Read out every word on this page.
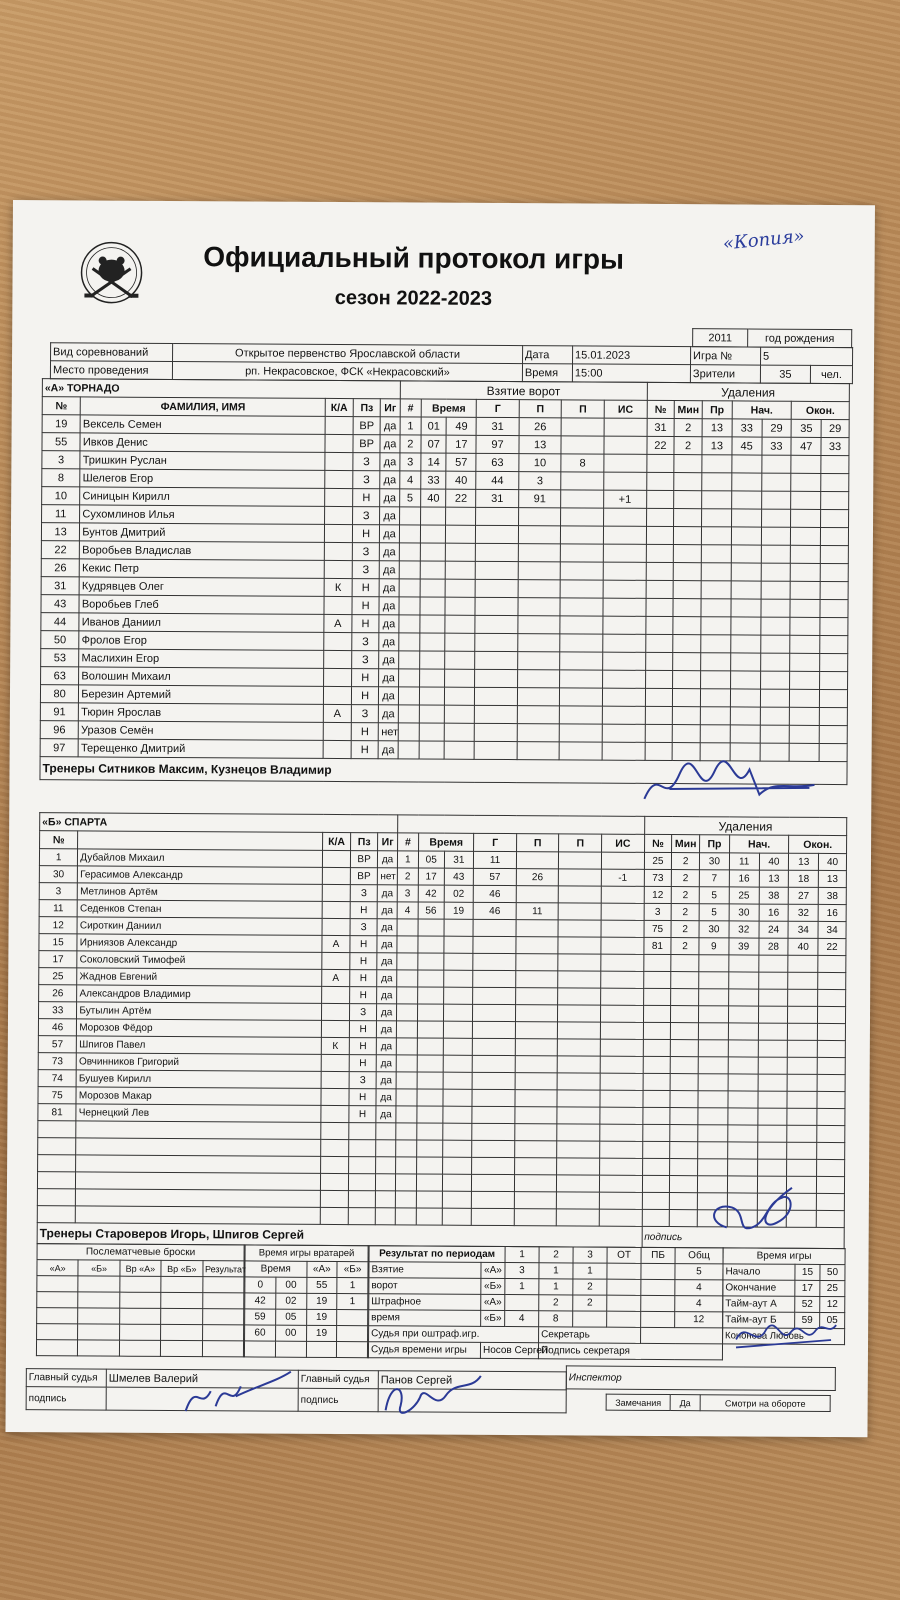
Официальный протокол игры
сезон 2022-2023
«Копия»
2011	год рождения
Вид соревнований	Открытое первенство Ярославской области	Дата	15.01.2023	Игра №	5	
Место проведения	рп. Некрасовское, ФСК «Некрасовский»	Время	15:00	Зрители	35	чел.
«А» ТОРНАДО					Взятие ворот							Удаления						
№	ФАМИЛИЯ, ИМЯ	К/А	Пз	Иг	#	Время		Г	П	П	ИС	№	Мин	Пр	Нач.		Окон.	
19	Вексель Семен		ВР	да	1	01	49	31	26			31	2	13	33	29	35	29
55	Ивков Денис		ВР	да	2	07	17	97	13			22	2	13	45	33	47	33
3	Тришкин Руслан		З	да	3	14	57	63	10	8								
8	Шелегов Егор		З	да	4	33	40	44	3									
10	Синицын Кирилл		Н	да	5	40	22	31	91		+1							
11	Сухомлинов Илья		З	да														
13	Бунтов Дмитрий		Н	да														
22	Воробьев Владислав		З	да														
26	Кекис Петр		З	да														
31	Кудрявцев Олег	К	Н	да														
43	Воробьев Глеб		Н	да														
44	Иванов Даниил	А	Н	да														
50	Фролов Егор		З	да														
53	Маслихин Егор		З	да														
63	Волошин Михаил		Н	да														
80	Березин Артемий		Н	да														
91	Тюрин Ярослав	А	З	да														
96	Уразов Семён		Н	нет														
97	Терещенко Дмитрий		Н	да														
Тренеры Ситников Максим, Кузнецов Владимир																		
«Б» СПАРТА												Удаления						
№		К/А	Пз	Иг	#	Время		Г	П	П	ИС	№	Мин	Пр	Нач.		Окон.	
1	Дубайлов Михаил		ВР	да	1	05	31	11				25	2	30	11	40	13	40
30	Герасимов Александр		ВР	нет	2	17	43	57	26		-1	73	2	7	16	13	18	13
3	Метлинов Артём		З	да	3	42	02	46				12	2	5	25	38	27	38
11	Седенков Степан		Н	да	4	56	19	46	11			3	2	5	30	16	32	16
12	Сироткин Даниил		З	да								75	2	30	32	24	34	34
15	Ирниязов Александр	А	Н	да								81	2	9	39	28	40	22
17	Соколовский Тимофей		Н	да														
25	Жаднов Евгений	А	Н	да														
26	Александров Владимир		Н	да														
33	Бутылин Артём		З	да														
46	Морозов Фёдор		Н	да														
57	Шпигов Павел	К	Н	да														
73	Овчинников Григорий		Н	да														
74	Бушуев Кирилл		З	да														
75	Морозов Макар		Н	да														
81	Чернецкий Лев		Н	да														

Тренеры Староверов Игорь, Шпигов Сергей												подпись						
Послематчевые броски				
«А»	«Б»	Вр «А»	Вр «Б»	Результат

Время игры вратарей			
Время		«А»	«Б»
0	00	55	1
42	02	19	1
59	05	19	
60	00	19	

Результат по периодам		1	2	3	ОТ	ПБ	Общ
Взятие	«А»	3	1	1			5
ворот	«Б»	1	1	2			4
Штрафное	«А»		2	2			4
время	«Б»	4	8				12
Судья при оштраф.игр.			Секретарь				
Судья времени игры	Носов Сергей		Подпись секретаря				
Время игры		
Начало	15	50
Окончание	17	25
Тайм-аут А	52	12
Тайм-аут Б	59	05
Кононова Любовь		
Главный судья	Шмелев Валерий	Главный судья	Панов Сергей
подпись		подпись	
Инспектор
Замечания	Да	Смотри на обороте
